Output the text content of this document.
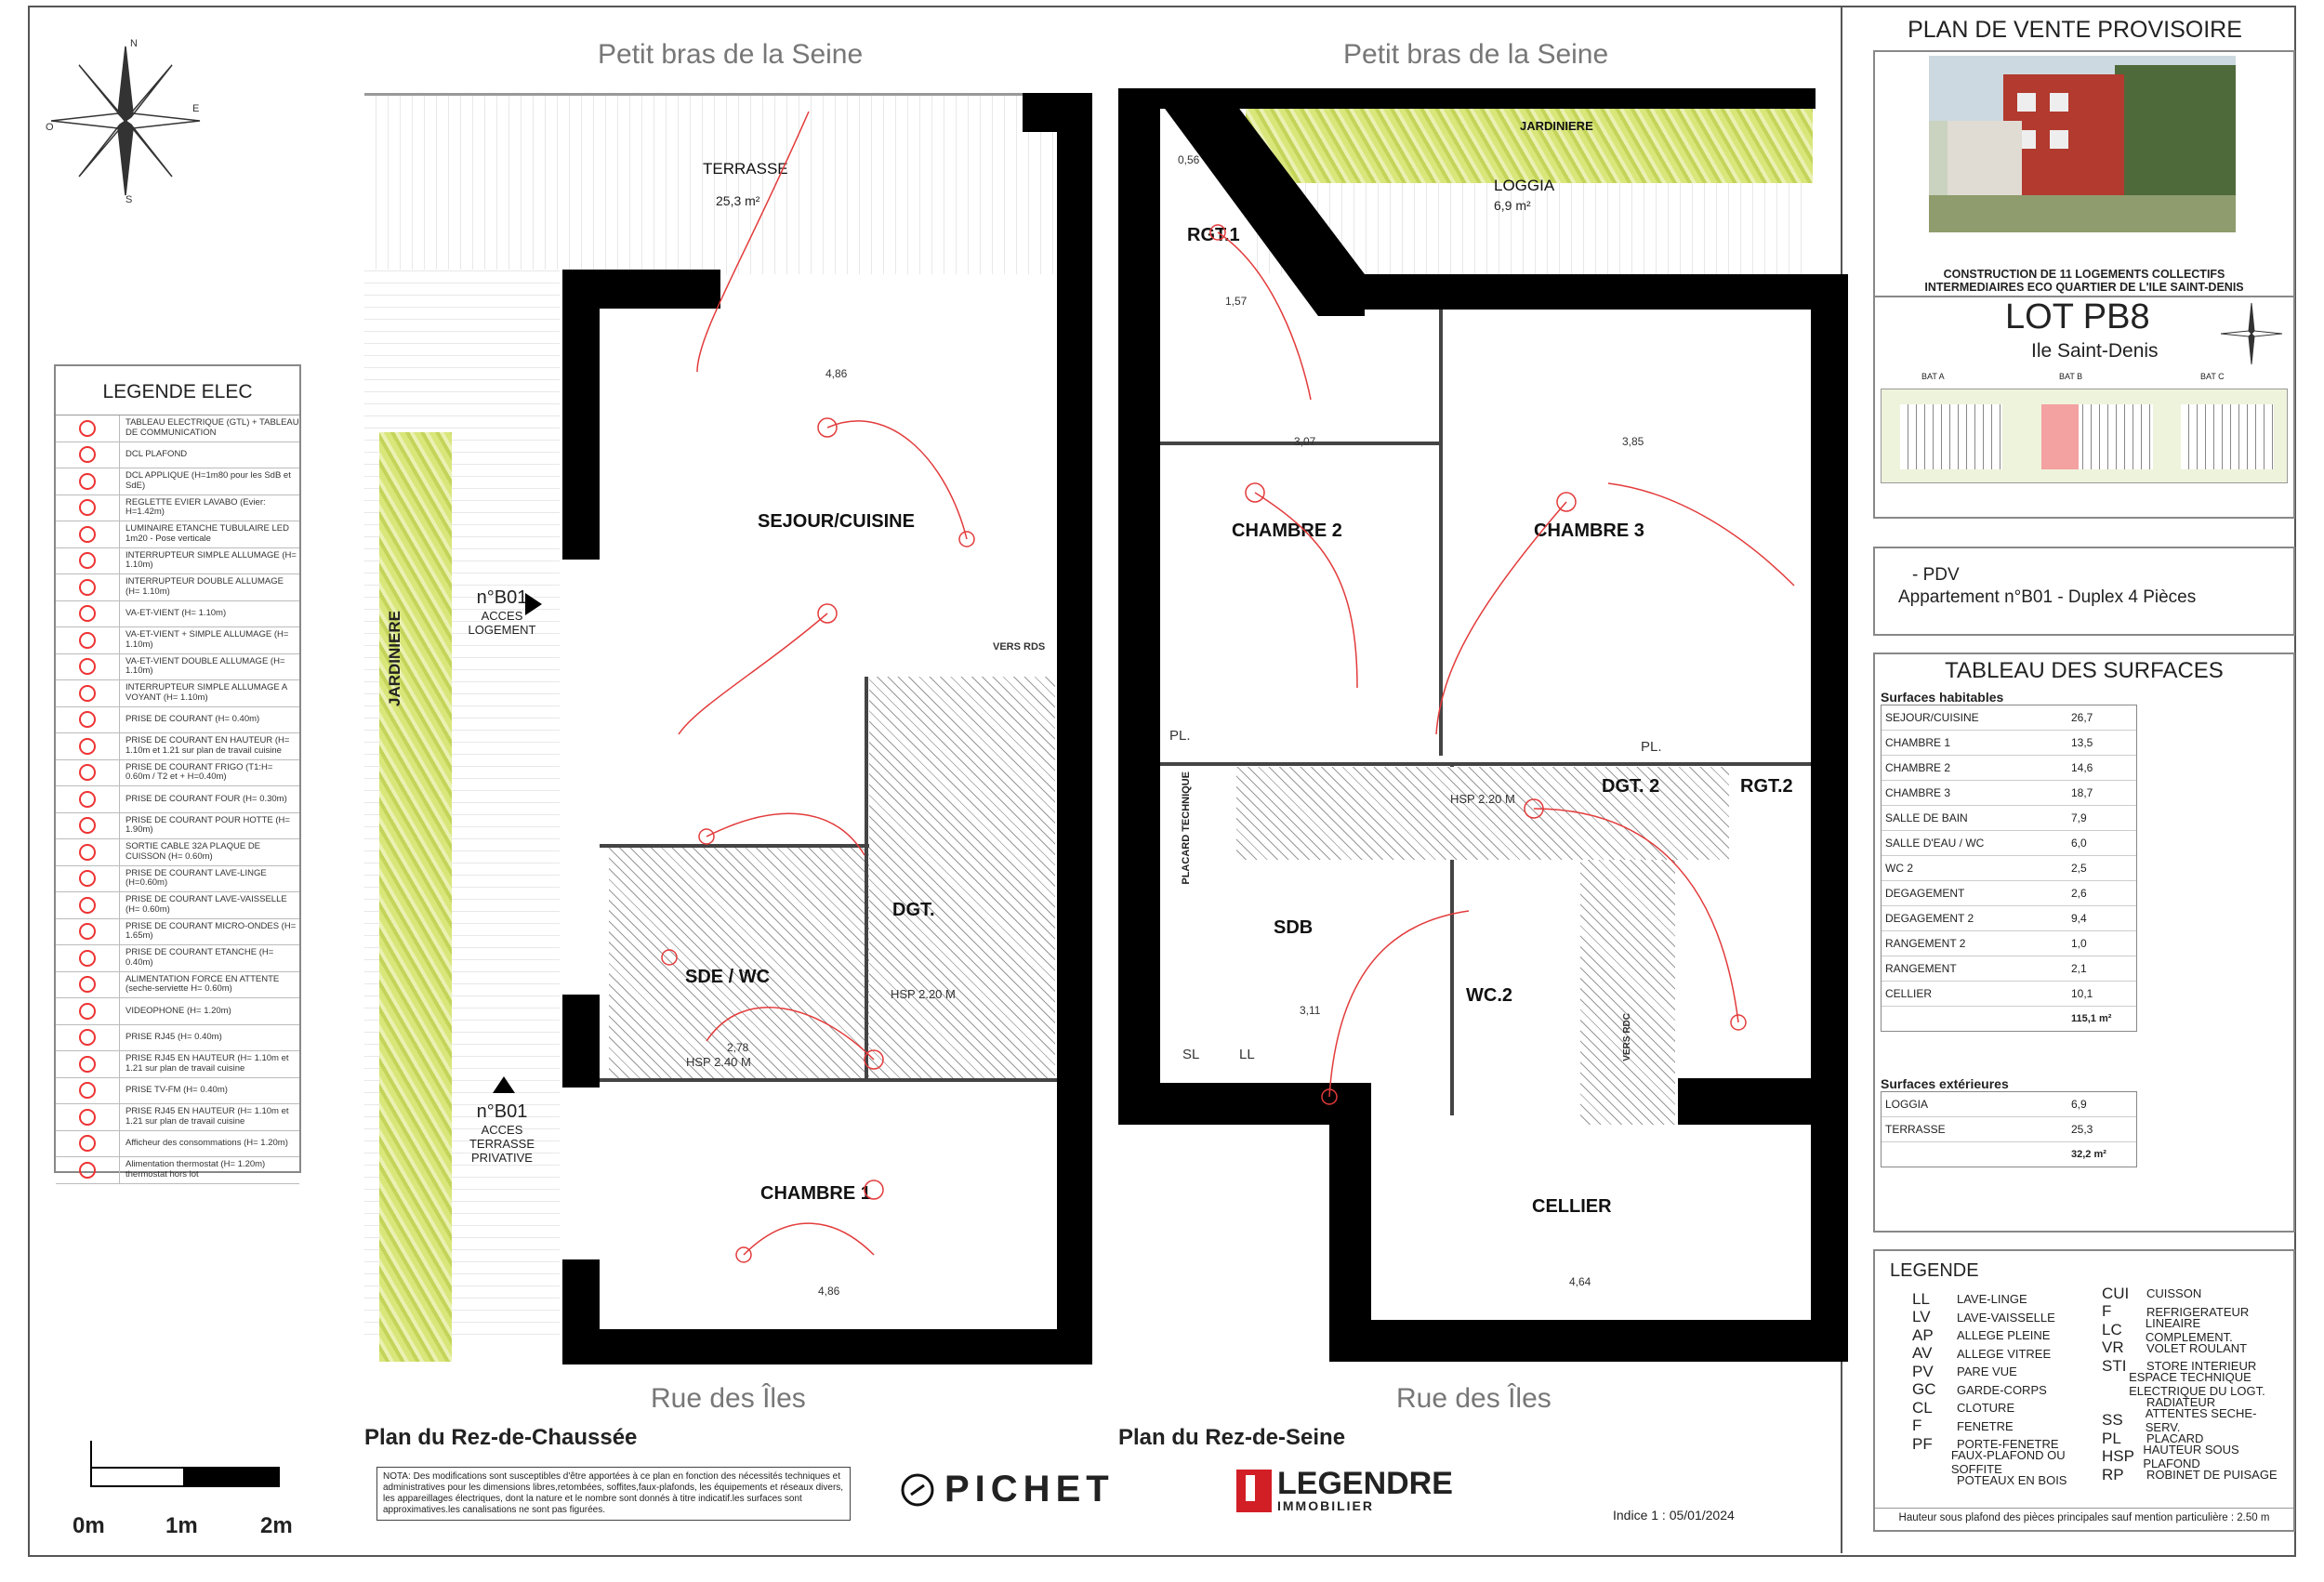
N
E
S
O
LEGENDE ELEC
TABLEAU ELECTRIQUE (GTL) + TABLEAU DE COMMUNICATION
DCL PLAFOND
DCL APPLIQUE (H=1m80 pour les SdB et SdE)
REGLETTE EVIER LAVABO (Evier: H=1.42m)
LUMINAIRE ETANCHE TUBULAIRE LED 1m20 - Pose verticale
INTERRUPTEUR SIMPLE ALLUMAGE (H= 1.10m)
INTERRUPTEUR DOUBLE ALLUMAGE (H= 1.10m)
VA-ET-VIENT (H= 1.10m)
VA-ET-VIENT + SIMPLE ALLUMAGE (H= 1.10m)
VA-ET-VIENT DOUBLE ALLUMAGE (H= 1.10m)
INTERRUPTEUR SIMPLE ALLUMAGE A VOYANT (H= 1.10m)
PRISE DE COURANT (H= 0.40m)
PRISE DE COURANT EN HAUTEUR (H= 1.10m et 1.21 sur plan de travail cuisine
PRISE DE COURANT FRIGO (T1:H= 0.60m / T2 et + H=0.40m)
PRISE DE COURANT FOUR (H= 0.30m)
PRISE DE COURANT POUR HOTTE (H= 1.90m)
SORTIE CABLE 32A PLAQUE DE CUISSON (H= 0.60m)
PRISE DE COURANT LAVE-LINGE (H=0.60m)
PRISE DE COURANT LAVE-VAISSELLE (H= 0.60m)
PRISE DE COURANT MICRO-ONDES (H= 1.65m)
PRISE DE COURANT ETANCHE (H= 0.40m)
ALIMENTATION FORCE EN ATTENTE (seche-serviette H= 0.60m)
VIDEOPHONE (H= 1.20m)
PRISE RJ45 (H= 0.40m)
PRISE RJ45 EN HAUTEUR (H= 1.10m et 1.21 sur plan de travail cuisine
PRISE TV-FM (H= 0.40m)
PRISE RJ45 EN HAUTEUR (H= 1.10m et 1.21 sur plan de travail cuisine
Afficheur des consommations (H= 1.20m)
Alimentation thermostat (H= 1.20m) thermostat hors lot
0m	1m	2m
Petit bras de la Seine	Petit bras de la Seine
Rue des Îles	Rue des Îles
Plan du Rez-de-Chaussée	Plan du Rez-de-Seine
TERRASSE
25,3 m²
SEJOUR/CUISINE
SDE / WC
DGT.
CHAMBRE 1
HSP 2.20 M
HSP 2.40 M
VERS RDS
4,86
4,86
2,78
JARDINIERE
n°B01
ACCES
LOGEMENT
n°B01
ACCES
TERRASSE
PRIVATIVE
JARDINIERE
LOGGIA
6,9 m²
RGT.1
CHAMBRE 2	CHAMBRE 3
PLACARD TECHNIQUE	DGT. 2	RGT.2
SDB
WC.2
CELLIER
HSP 2.20 M
VERS RDC
3,07	3,85
3,11
4,64
1,57
0,56
PL.
PL.
SL	LL
PLAN DE VENTE PROVISOIRE
CONSTRUCTION DE 11 LOGEMENTS COLLECTIFS
INTERMEDIAIRES ECO QUARTIER DE L'ILE SAINT-DENIS
LOT PB8
Ile Saint-Denis
BAT A	BAT B	BAT C
- PDV
Appartement n°B01 - Duplex 4 Pièces
TABLEAU DES SURFACES
Surfaces habitables
SEJOUR/CUISINE	26,7
CHAMBRE 1	13,5
CHAMBRE 2	14,6
CHAMBRE 3	18,7
SALLE DE BAIN	7,9
SALLE D'EAU / WC	6,0
WC 2	2,5
DEGAGEMENT	2,6
DEGAGEMENT 2	9,4
RANGEMENT 2	1,0
RANGEMENT	2,1
CELLIER	10,1
115,1 m²
Surfaces extérieures
LOGGIA	6,9
TERRASSE	25,3
32,2 m²
LEGENDE
LL	LAVE-LINGE
LV	LAVE-VAISSELLE
AP	ALLEGE PLEINE
AV	ALLEGE VITREE
PV	PARE VUE
GC	GARDE-CORPS
CL	CLOTURE
F	FENETRE
PF	PORTE-FENETRE
FAUX-PLAFOND OU SOFFITE
POTEAUX EN BOIS
CUI	CUISSON
F	REFRIGERATEUR
LC	LINEAIRE COMPLEMENT.
VR	VOLET ROULANT
STI	STORE INTERIEUR
ESPACE TECHNIQUE ELECTRIQUE DU LOGT.
RADIATEUR
SS	ATTENTES SECHE-SERV.
PL	PLACARD
HSP HAUTEUR SOUS PLAFOND
RP	ROBINET DE PUISAGE
Hauteur sous plafond des pièces principales sauf mention particulière : 2.50 m
NOTA: Des modifications sont susceptibles d'être apportées à ce plan en fonction des nécessités techniques et administratives pour les dimensions libres,retombées, soffites,faux-plafonds, les équipements et réseaux divers, les appareillages électriques, dont la nature et le nombre sont donnés à titre indicatif.les surfaces sont approximatives.les canalisations ne sont pas figurées.
PICHET	LEGENDRE
IMMOBILIER
Indice 1 : 05/01/2024
